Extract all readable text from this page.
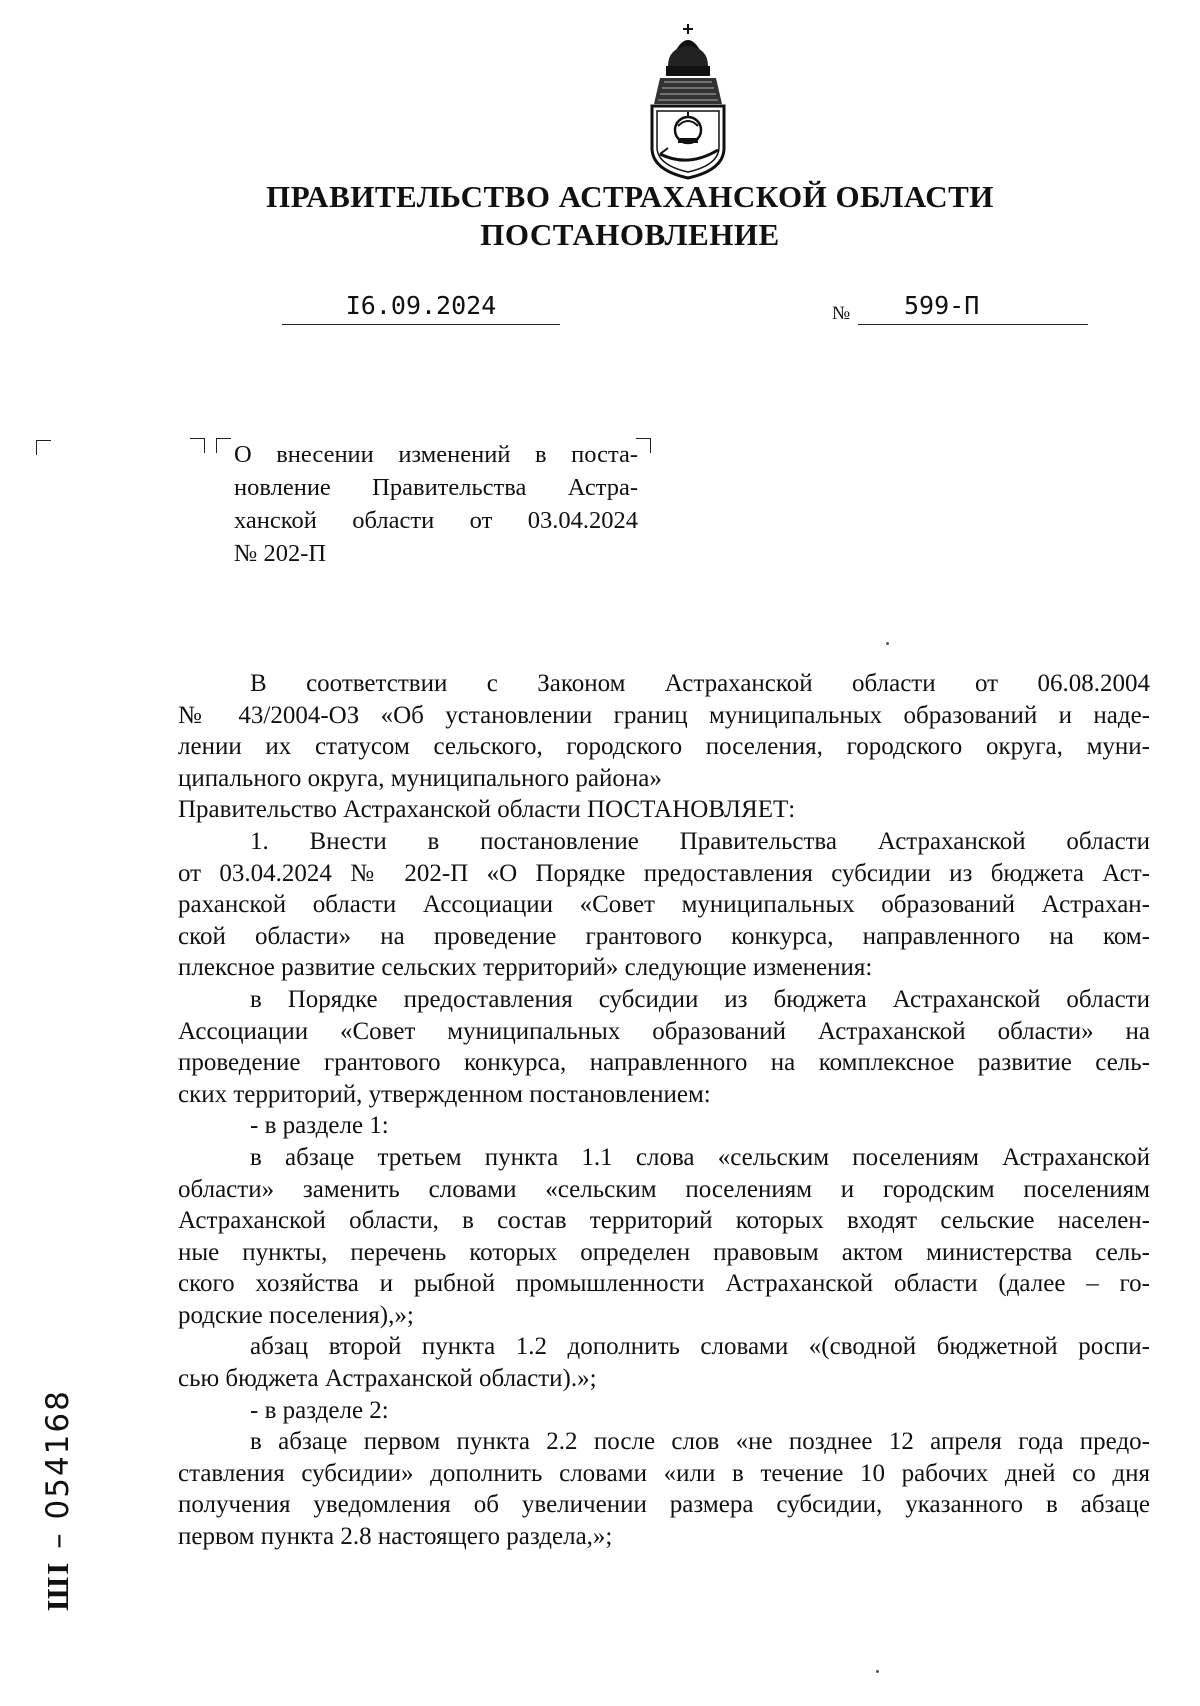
ПРАВИТЕЛЬСТВО АСТРАХАНСКОЙ ОБЛАСТИ
ПОСТАНОВЛЕНИЕ
I6.09.2024	№	599-П
О внесении изменений в поста-
новление Правительства Астра-
ханской области от 03.04.2024
№ 202-П
В соответствии с Законом Астраханской области от 06.08.2004
№ 43/2004-ОЗ «Об установлении границ муниципальных образований и наде-
лении их статусом сельского, городского поселения, городского округа, муни-
ципального округа, муниципального района»
Правительство Астраханской области ПОСТАНОВЛЯЕТ:
1. Внести в постановление Правительства Астраханской области
от 03.04.2024 № 202-П «О Порядке предоставления субсидии из бюджета Аст-
раханской области Ассоциации «Совет муниципальных образований Астрахан-
ской области» на проведение грантового конкурса, направленного на ком-
плексное развитие сельских территорий» следующие изменения:
в Порядке предоставления субсидии из бюджета Астраханской области
Ассоциации «Совет муниципальных образований Астраханской области» на
проведение грантового конкурса, направленного на комплексное развитие сель-
ских территорий, утвержденном постановлением:
- в разделе 1:
в абзаце третьем пункта 1.1 слова «сельским поселениям Астраханской
области» заменить словами «сельским поселениям и городским поселениям
Астраханской области, в состав территорий которых входят сельские населен-
ные пункты, перечень которых определен правовым актом министерства сель-
ского хозяйства и рыбной промышленности Астраханской области (далее – го-
родские поселения),»;
абзац второй пункта 1.2 дополнить словами «(сводной бюджетной роспи-
сью бюджета Астраханской области).»;
- в разделе 2:
в абзаце первом пункта 2.2 после слов «не позднее 12 апреля года предо-
ставления субсидии» дополнить словами «или в течение 10 рабочих дней со дня
получения уведомления об увеличении размера субсидии, указанного в абзаце
первом пункта 2.8 настоящего раздела,»;
ШI – 054168
